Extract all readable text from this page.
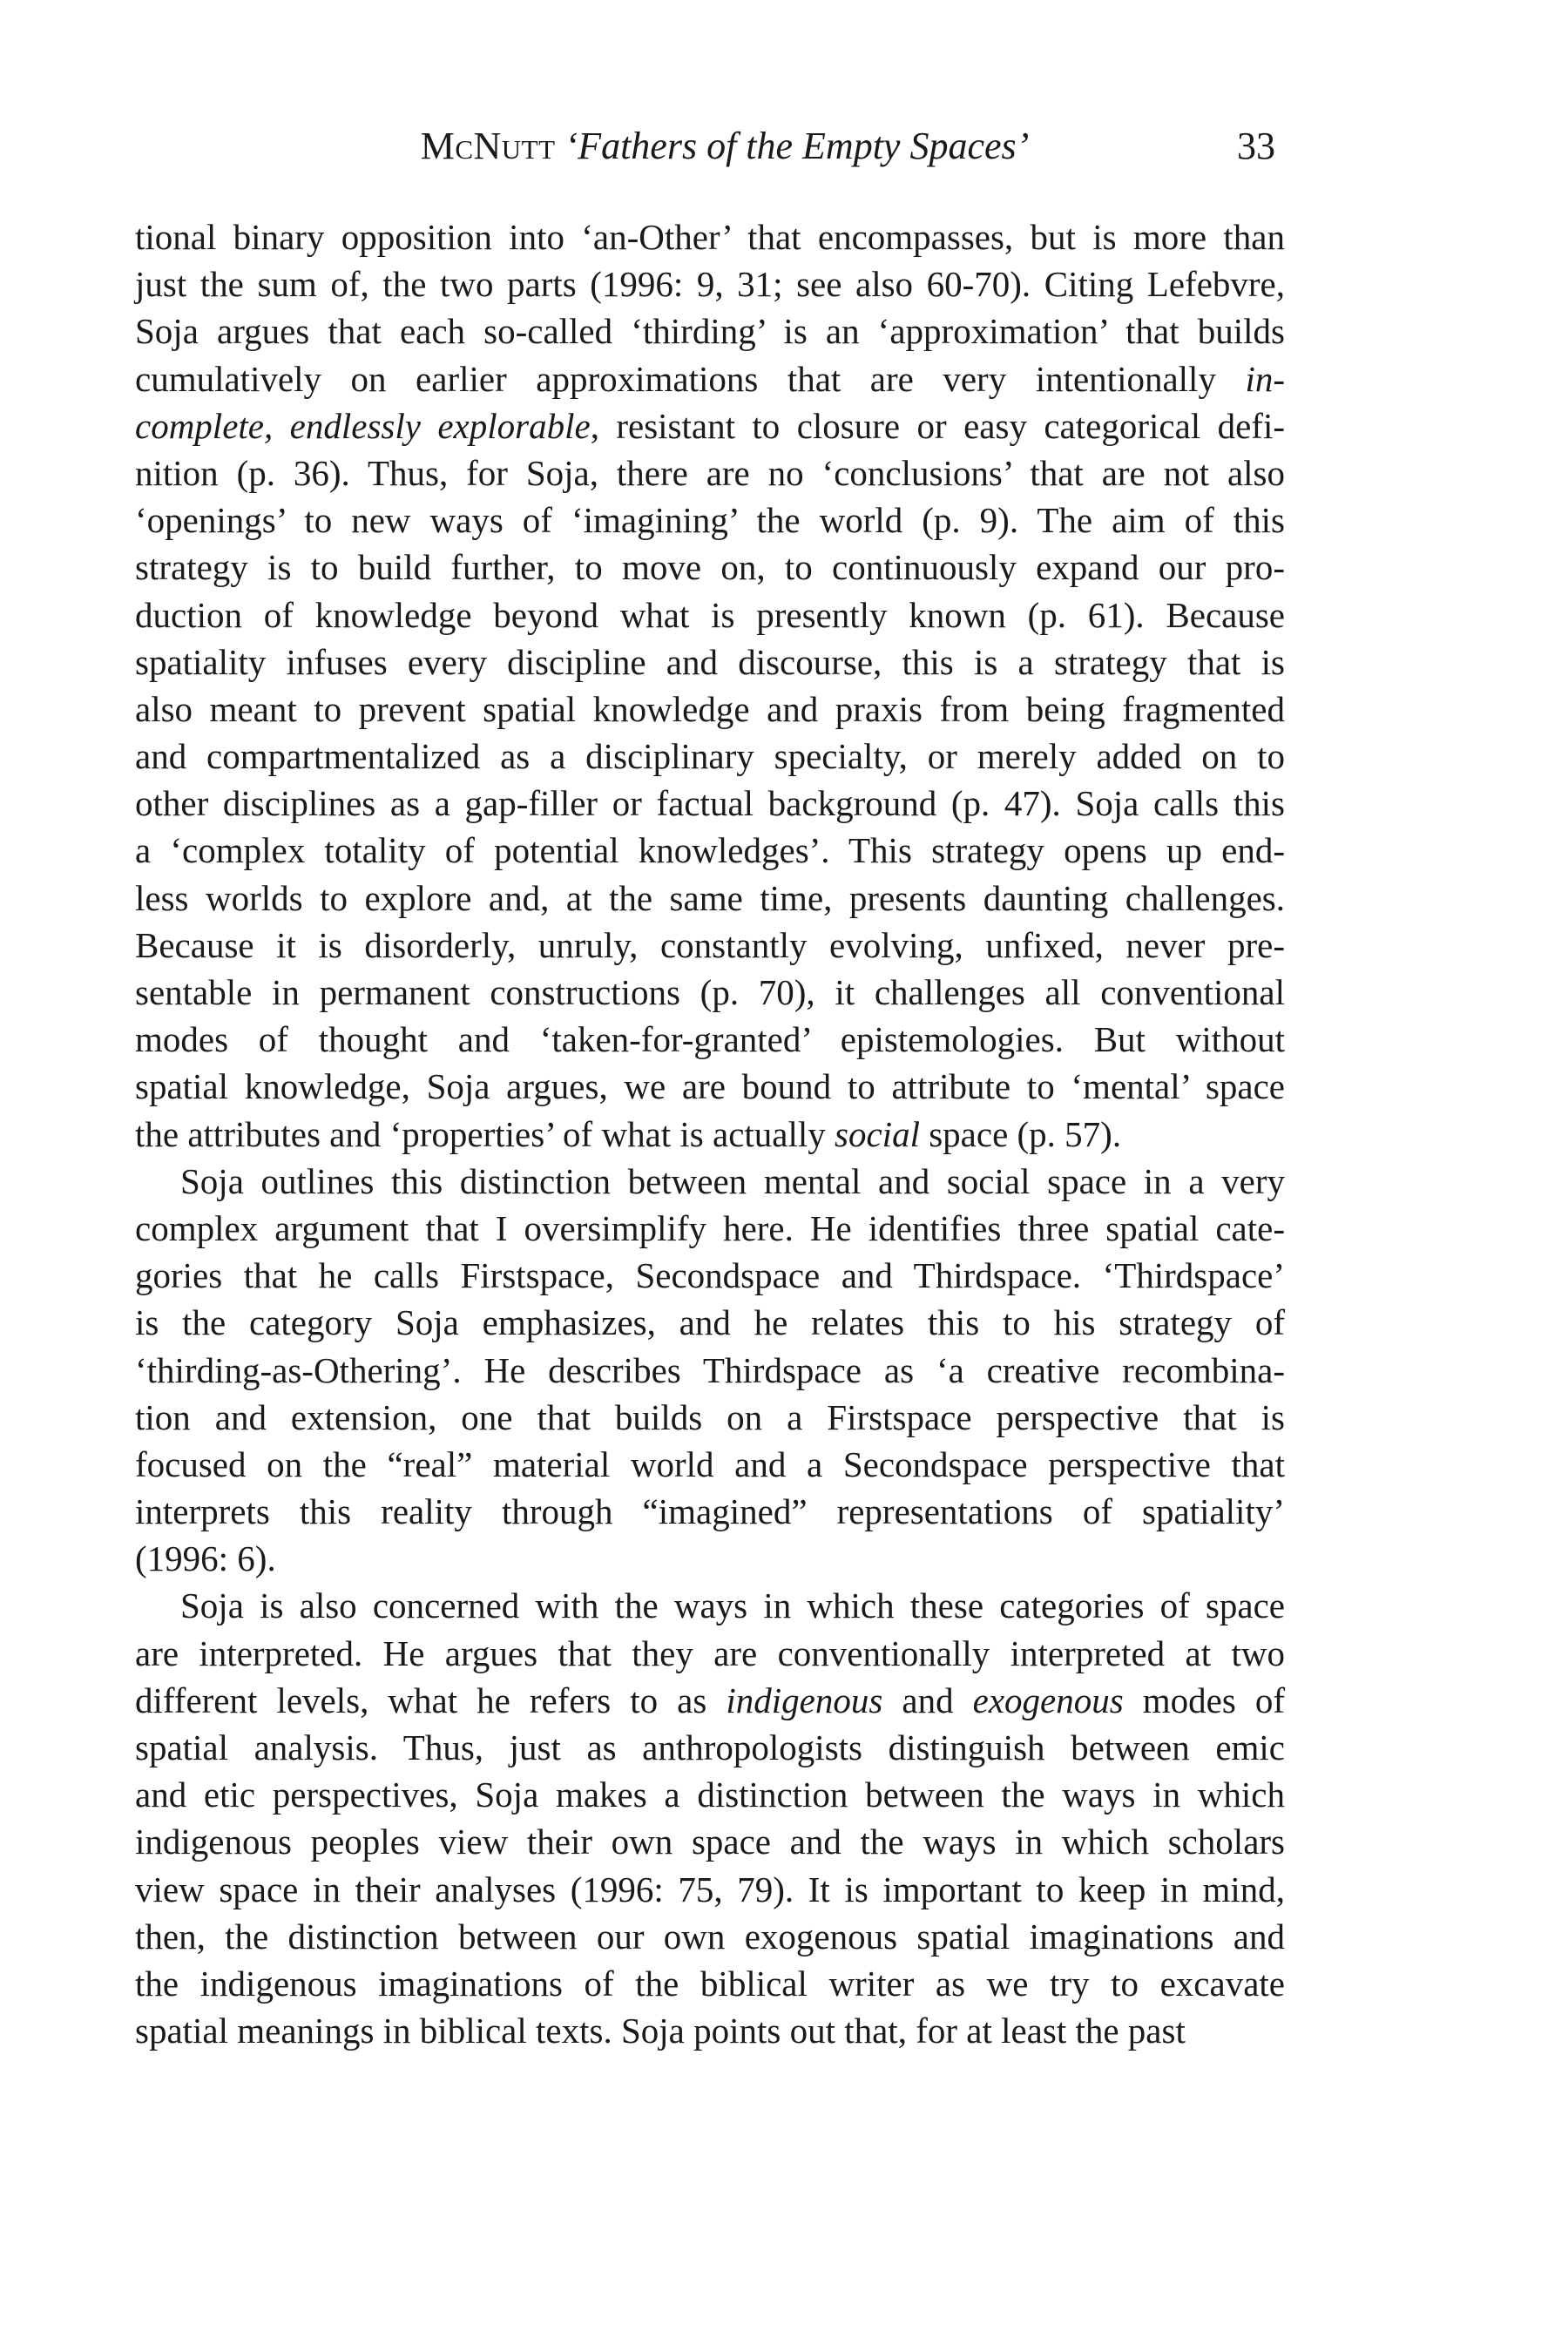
McNutt ‘Fathers of the Empty Spaces’	33
tional binary opposition into ‘an-Other’ that encompasses, but is more than
just the sum of, the two parts (1996: 9, 31; see also 60-70). Citing Lefebvre,
Soja argues that each so-called ‘thirding’ is an ‘approximation’ that builds
cumulatively on earlier approximations that are very intentionally in-
complete, endlessly explorable, resistant to closure or easy categorical defi-
nition (p. 36). Thus, for Soja, there are no ‘conclusions’ that are not also
‘openings’ to new ways of ‘imagining’ the world (p. 9). The aim of this
strategy is to build further, to move on, to continuously expand our pro-
duction of knowledge beyond what is presently known (p. 61). Because
spatiality infuses every discipline and discourse, this is a strategy that is
also meant to prevent spatial knowledge and praxis from being fragmented
and compartmentalized as a disciplinary specialty, or merely added on to
other disciplines as a gap-filler or factual background (p. 47). Soja calls this
a ‘complex totality of potential knowledges’. This strategy opens up end-
less worlds to explore and, at the same time, presents daunting challenges.
Because it is disorderly, unruly, constantly evolving, unfixed, never pre-
sentable in permanent constructions (p. 70), it challenges all conventional
modes of thought and ‘taken-for-granted’ epistemologies. But without
spatial knowledge, Soja argues, we are bound to attribute to ‘mental’ space
the attributes and ‘properties’ of what is actually social space (p. 57).
Soja outlines this distinction between mental and social space in a very
complex argument that I oversimplify here. He identifies three spatial cate-
gories that he calls Firstspace, Secondspace and Thirdspace. ‘Thirdspace’
is the category Soja emphasizes, and he relates this to his strategy of
‘thirding-as-Othering’. He describes Thirdspace as ‘a creative recombina-
tion and extension, one that builds on a Firstspace perspective that is
focused on the “real” material world and a Secondspace perspective that
interprets this reality through “imagined” representations of spatiality’
(1996: 6).
Soja is also concerned with the ways in which these categories of space
are interpreted. He argues that they are conventionally interpreted at two
different levels, what he refers to as indigenous and exogenous modes of
spatial analysis. Thus, just as anthropologists distinguish between emic
and etic perspectives, Soja makes a distinction between the ways in which
indigenous peoples view their own space and the ways in which scholars
view space in their analyses (1996: 75, 79). It is important to keep in mind,
then, the distinction between our own exogenous spatial imaginations and
the indigenous imaginations of the biblical writer as we try to excavate
spatial meanings in biblical texts. Soja points out that, for at least the past
